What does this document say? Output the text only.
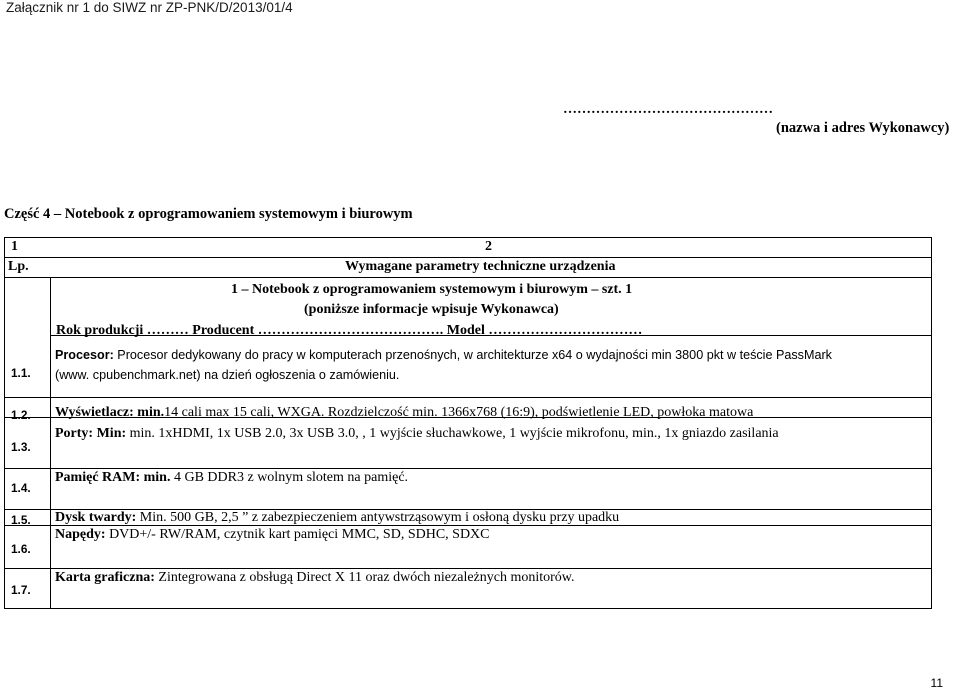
Załącznik nr 1 do SIWZ nr ZP-PNK/D/2013/01/4
………………………………………
(nazwa i adres Wykonawcy)
Część 4 – Notebook z oprogramowaniem systemowym i biurowym
1	2
Lp.	Wymagane parametry techniczne urządzenia
1 – Notebook z oprogramowaniem systemowym i biurowym – szt. 1
(poniższe informacje wpisuje Wykonawca)
Rok produkcji ……… Producent …………………………………. Model ……………………………
1.1.
Procesor: Procesor dedykowany do pracy w komputerach przenośnych, w architekturze x64 o wydajności min 3800 pkt w teście PassMark
(www. cpubenchmark.net) na dzień ogłoszenia o zamówieniu.
1.2. Wyświetlacz: min.14 cali max 15 cali, WXGA. Rozdzielczość min. 1366x768 (16:9), podświetlenie LED, powłoka matowa
1.3.
Porty: Min: min. 1xHDMI, 1x USB 2.0, 3x USB 3.0, , 1 wyjście słuchawkowe, 1 wyjście mikrofonu, min., 1x gniazdo zasilania
1.4.
Pamięć RAM: min. 4 GB DDR3 z wolnym slotem na pamięć.
1.5. Dysk twardy: Min. 500 GB, 2,5 ” z zabezpieczeniem antywstrząsowym i osłoną dysku przy upadku
1.6.
Napędy: DVD+/- RW/RAM, czytnik kart pamięci MMC, SD, SDHC, SDXC
1.7.
Karta graficzna: Zintegrowana z obsługą Direct X 11 oraz dwóch niezależnych monitorów.
11
